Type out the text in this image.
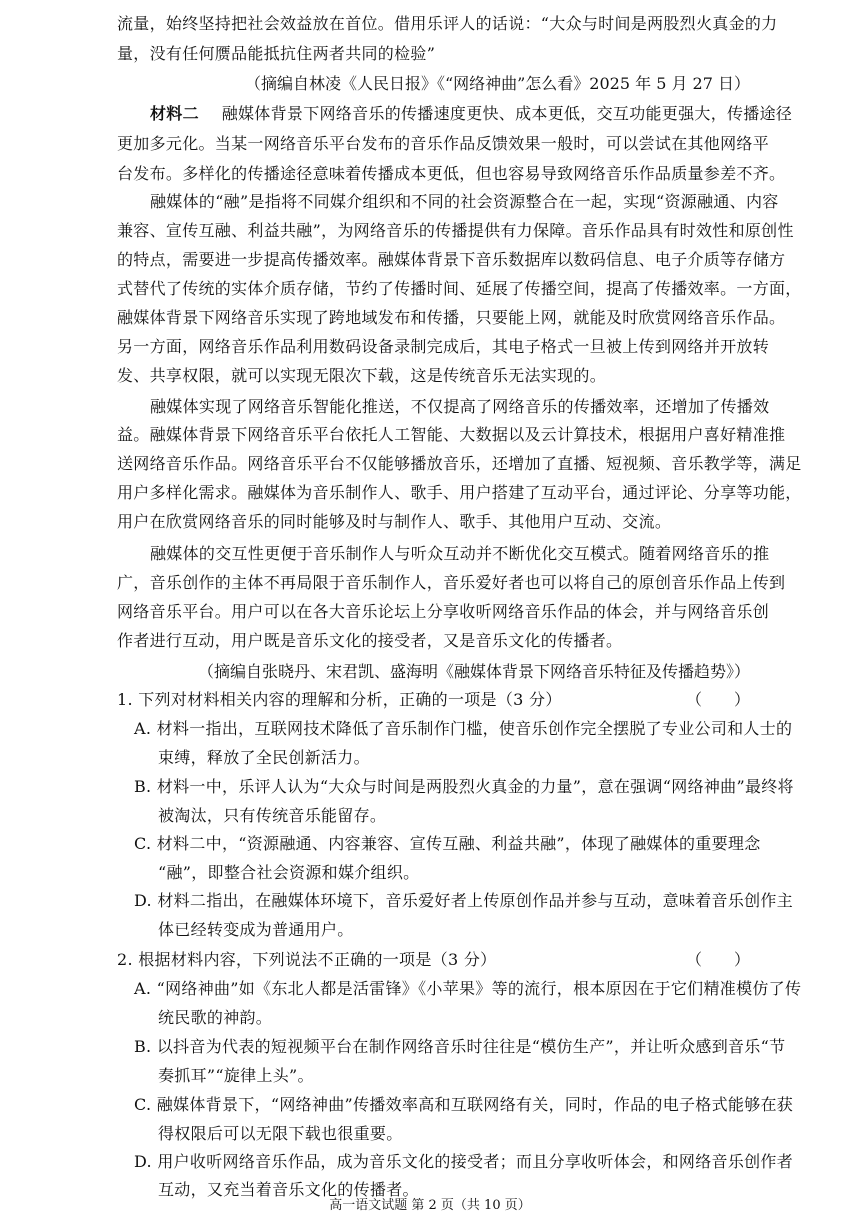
流量，始终坚持把社会效益放在首位。借用乐评人的话说：“大众与时间是两股烈火真金的力
量，没有任何赝品能抵抗住两者共同的检验”
（摘编自林凌《人民日报》《“网络神曲”怎么看》2025 年 5 月 27 日）
材料二 融媒体背景下网络音乐的传播速度更快、成本更低，交互功能更强大，传播途径
更加多元化。当某一网络音乐平台发布的音乐作品反馈效果一般时，可以尝试在其他网络平
台发布。多样化的传播途径意味着传播成本更低，但也容易导致网络音乐作品质量参差不齐。
融媒体的“融”是指将不同媒介组织和不同的社会资源整合在一起，实现“资源融通、内容
兼容、宣传互融、利益共融”，为网络音乐的传播提供有力保障。音乐作品具有时效性和原创性
的特点，需要进一步提高传播效率。融媒体背景下音乐数据库以数码信息、电子介质等存储方
式替代了传统的实体介质存储，节约了传播时间、延展了传播空间，提高了传播效率。一方面，
融媒体背景下网络音乐实现了跨地域发布和传播，只要能上网，就能及时欣赏网络音乐作品。
另一方面，网络音乐作品利用数码设备录制完成后，其电子格式一旦被上传到网络并开放转
发、共享权限，就可以实现无限次下载，这是传统音乐无法实现的。
融媒体实现了网络音乐智能化推送，不仅提高了网络音乐的传播效率，还增加了传播效
益。融媒体背景下网络音乐平台依托人工智能、大数据以及云计算技术，根据用户喜好精准推
送网络音乐作品。网络音乐平台不仅能够播放音乐，还增加了直播、短视频、音乐教学等，满足
用户多样化需求。融媒体为音乐制作人、歌手、用户搭建了互动平台，通过评论、分享等功能，
用户在欣赏网络音乐的同时能够及时与制作人、歌手、其他用户互动、交流。
融媒体的交互性更便于音乐制作人与听众互动并不断优化交互模式。随着网络音乐的推
广，音乐创作的主体不再局限于音乐制作人，音乐爱好者也可以将自己的原创音乐作品上传到
网络音乐平台。用户可以在各大音乐论坛上分享收听网络音乐作品的体会，并与网络音乐创
作者进行互动，用户既是音乐文化的接受者，又是音乐文化的传播者。
（摘编自张晓丹、宋君凯、盛海明《融媒体背景下网络音乐特征及传播趋势》）
1. 下列对材料相关内容的理解和分析，正确的一项是（3 分）	（　　）
A. 材料一指出，互联网技术降低了音乐制作门槛，使音乐创作完全摆脱了专业公司和人士的
束缚，释放了全民创新活力。
B. 材料一中，乐评人认为“大众与时间是两股烈火真金的力量”，意在强调“网络神曲”最终将
被淘汰，只有传统音乐能留存。
C. 材料二中，“资源融通、内容兼容、宣传互融、利益共融”，体现了融媒体的重要理念
“融”，即整合社会资源和媒介组织。
D. 材料二指出，在融媒体环境下，音乐爱好者上传原创作品并参与互动，意味着音乐创作主
体已经转变成为普通用户。
2. 根据材料内容，下列说法不正确的一项是（3 分）	（　　）
A. “网络神曲”如《东北人都是活雷锋》《小苹果》等的流行，根本原因在于它们精准模仿了传
统民歌的神韵。
B. 以抖音为代表的短视频平台在制作网络音乐时往往是“模仿生产”，并让听众感到音乐“节
奏抓耳”“旋律上头”。
C. 融媒体背景下，“网络神曲”传播效率高和互联网络有关，同时，作品的电子格式能够在获
得权限后可以无限下载也很重要。
D. 用户收听网络音乐作品，成为音乐文化的接受者；而且分享收听体会，和网络音乐创作者
互动，又充当着音乐文化的传播者。
高一语文试题 第 2 页（共 10 页）
